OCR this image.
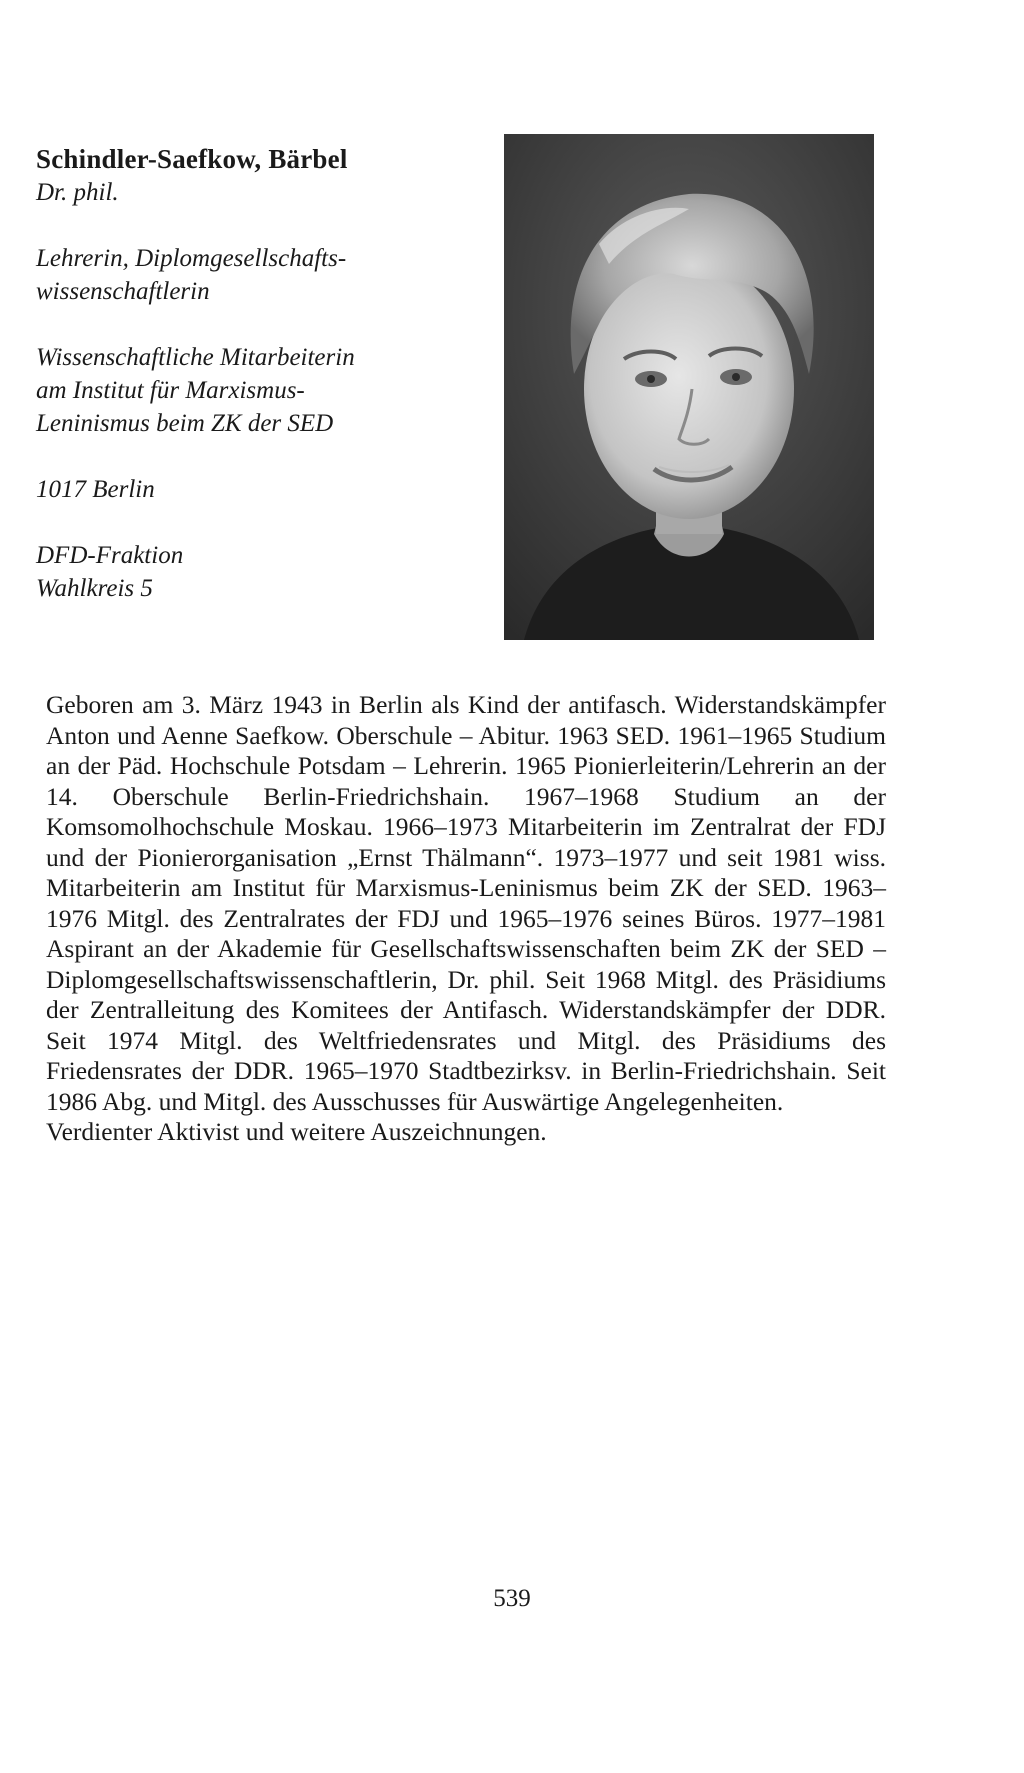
Schindler-Saefkow, Bärbel

Dr. phil.

Lehrerin, Diplomgesellschafts-

wissenschaftlerin

Wissenschaftliche Mitarbeiterin

am Institut für Marxismus-

Leninismus beim ZK der SED

1017 Berlin

DFD-Fraktion

Wahlkreis 5

Geboren am 3. März 1943 in Berlin als Kind der antifasch. Widerstandskämpfer Anton und Aenne Saefkow. Oberschule – Abitur. 1963 SED. 1961–1965 Studium an der Päd. Hochschule Potsdam – Lehrerin. 1965 Pionierleiterin/Lehrerin an der 14. Oberschule Berlin-Friedrichshain. 1967–1968 Studium an der Komsomolhochschule Moskau. 1966–1973 Mitarbeiterin im Zentralrat der FDJ und der Pionierorganisation „Ernst Thälmann“. 1973–1977 und seit 1981 wiss. Mitarbeiterin am Institut für Marxismus-Leninismus beim ZK der SED. 1963–1976 Mitgl. des Zentralrates der FDJ und 1965–1976 seines Büros. 1977–1981 Aspirant an der Akademie für Gesellschaftswissenschaften beim ZK der SED – Diplomgesellschaftswissenschaftlerin, Dr. phil. Seit 1968 Mitgl. des Präsidiums der Zentralleitung des Komitees der Antifasch. Widerstandskämpfer der DDR. Seit 1974 Mitgl. des Weltfriedensrates und Mitgl. des Präsidiums des Friedensrates der DDR. 1965–1970 Stadtbezirksv. in Berlin-Friedrichshain. Seit 1986 Abg. und Mitgl. des Ausschusses für Auswärtige Angelegenheiten.

Verdienter Aktivist und weitere Auszeichnungen.

539
